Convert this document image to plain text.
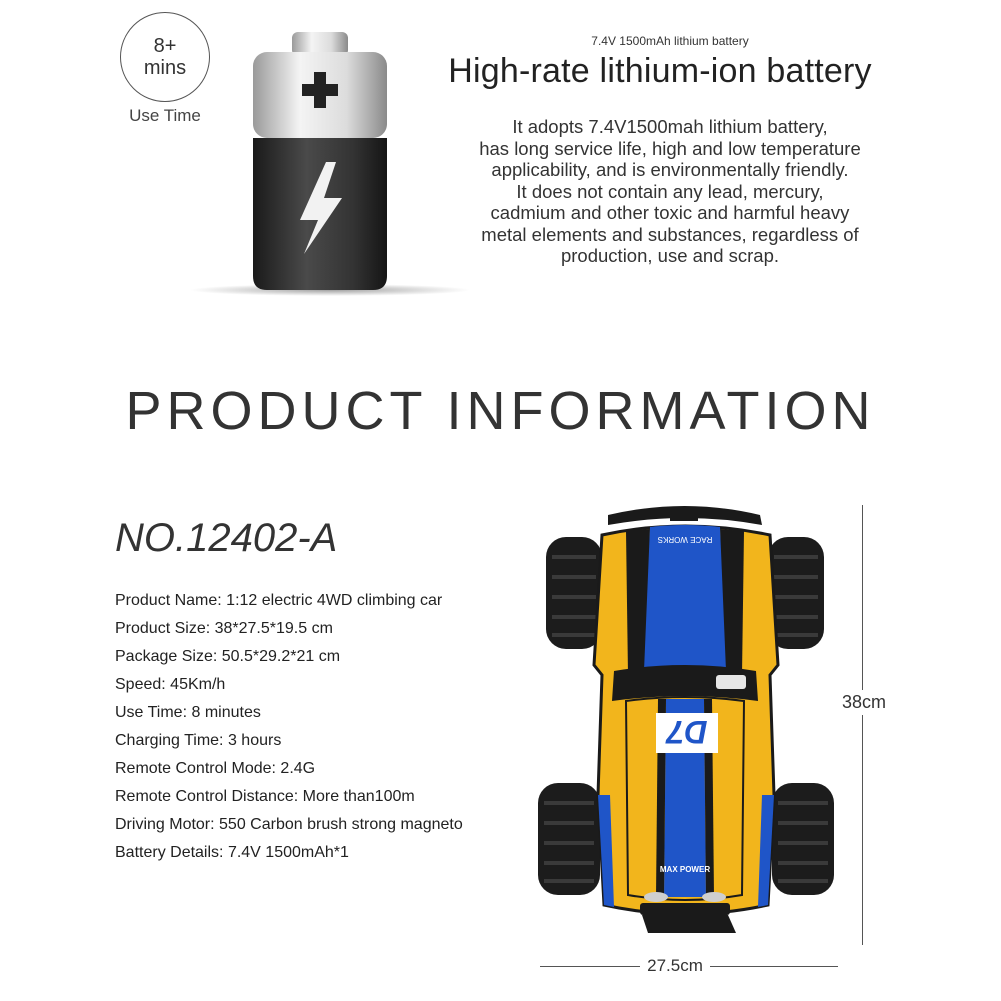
8+
mins
Use Time
7.4V 1500mAh lithium battery
High-rate lithium-ion battery
It adopts 7.4V1500mah lithium battery,
has long service life, high and low temperature
applicability, and is environmentally friendly.
It does not contain any lead, mercury,
cadmium and other toxic and harmful heavy
metal elements and substances, regardless of
production, use and scrap.
PRODUCT INFORMATION
NO.12402-A
Product Name: 1:12 electric 4WD climbing car
Product Size: 38*27.5*19.5 cm
Package Size: 50.5*29.2*21 cm
Speed: 45Km/h
Use Time: 8 minutes
Charging Time: 3 hours
Remote Control Mode: 2.4G
Remote Control Distance: More than100m
Driving Motor: 550 Carbon brush strong magneto
Battery Details: 7.4V 1500mAh*1
RACE WORKS
D7
MAX POWER
38cm
27.5cm
